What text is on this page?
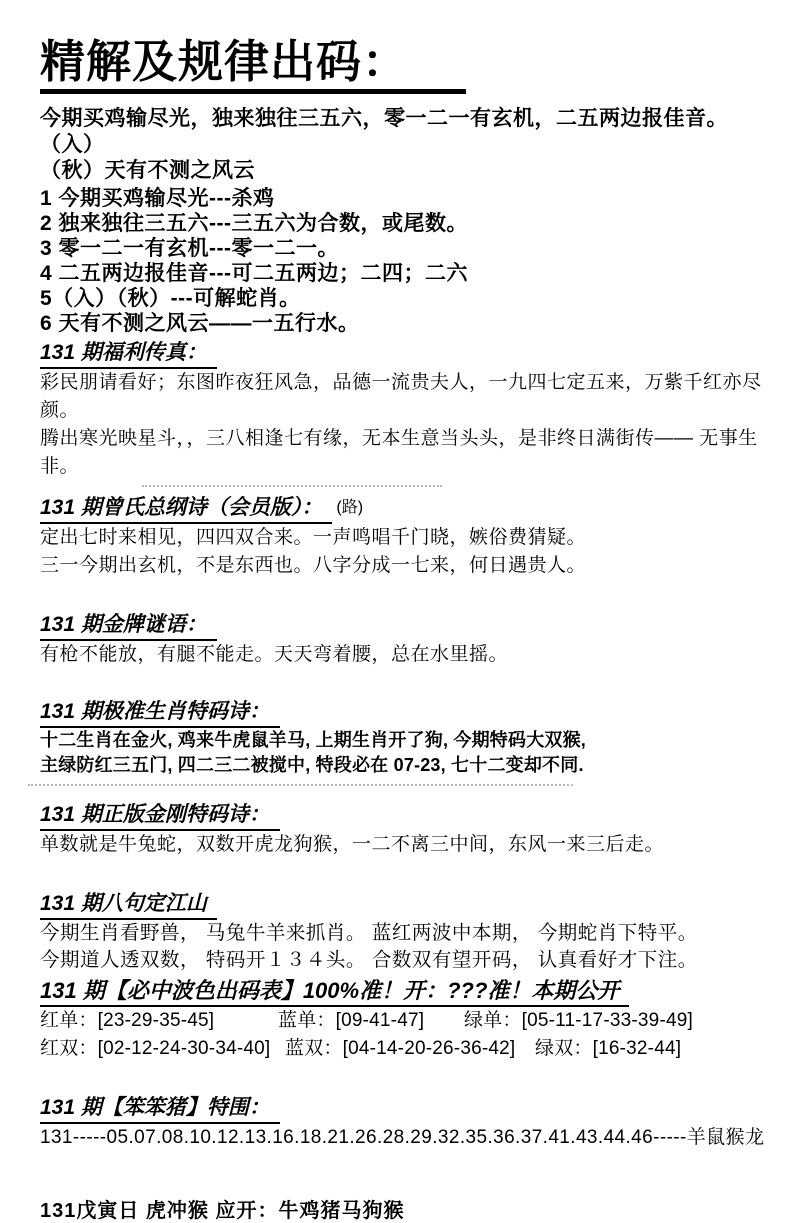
精解及规律出码：

今期买鸡输尽光，独来独往三五六，零一二一有玄机，二五两边报佳音。（入）

（秋）天有不测之风云

1 今期买鸡输尽光---杀鸡

2 独来独往三五六---三五六为合数，或尾数。

3 零一二一有玄机---零一二一。

4 二五两边报佳音---可二五两边；二四；二六

5（入）（秋）---可解蛇肖。

6 天有不测之风云——一五行水。

131 期福利传真：

彩民朋请看好；东图昨夜狂风急，品德一流贵夫人，一九四七定五来，万紫千红亦尽颜。

腾出寒光映星斗，，三八相逢七有缘，无本生意当头头，是非终日满街传—— 无事生非。

131 期曾氏总纲诗（会员版）： (路)

定出七时来相见，四四双合来。一声鸣唱千门晓，嫉俗费猜疑。

三一今期出玄机，不是东西也。八字分成一七来，何日遇贵人。

131 期金牌谜语：

有枪不能放，有腿不能走。天天弯着腰，总在水里摇。

131 期极准生肖特码诗：

十二生肖在金火, 鸡来牛虎鼠羊马, 上期生肖开了狗, 今期特码大双猴,

主绿防红三五门, 四二三二被搅中, 特段必在 07-23, 七十二变却不同.

131 期正版金刚特码诗：

单数就是牛兔蛇，双数开虎龙狗猴，一二不离三中间，东风一来三后走。

131 期八句定江山

今期生肖看野兽， 马兔牛羊来抓肖。 蓝红两波中本期， 今期蛇肖下特平。

今期道人透双数， 特码开１３４头。 合数双有望开码， 认真看好才下注。

131 期【必中波色出码表】100%准！开：???准！本期公开
红单：[23-29-35-45]	蓝单：[09-41-47] 绿单：[05-11-17-33-39-49]
红双：[02-12-24-30-34-40] 蓝双：[04-14-20-26-36-42] 绿双：[16-32-44]
131 期【笨笨猪】特围：

131-----05.07.08.10.12.13.16.18.21.26.28.29.32.35.36.37.41.43.44.46-----羊鼠猴龙

131戊寅日 虎冲猴 应开：牛鸡猪马狗猴
